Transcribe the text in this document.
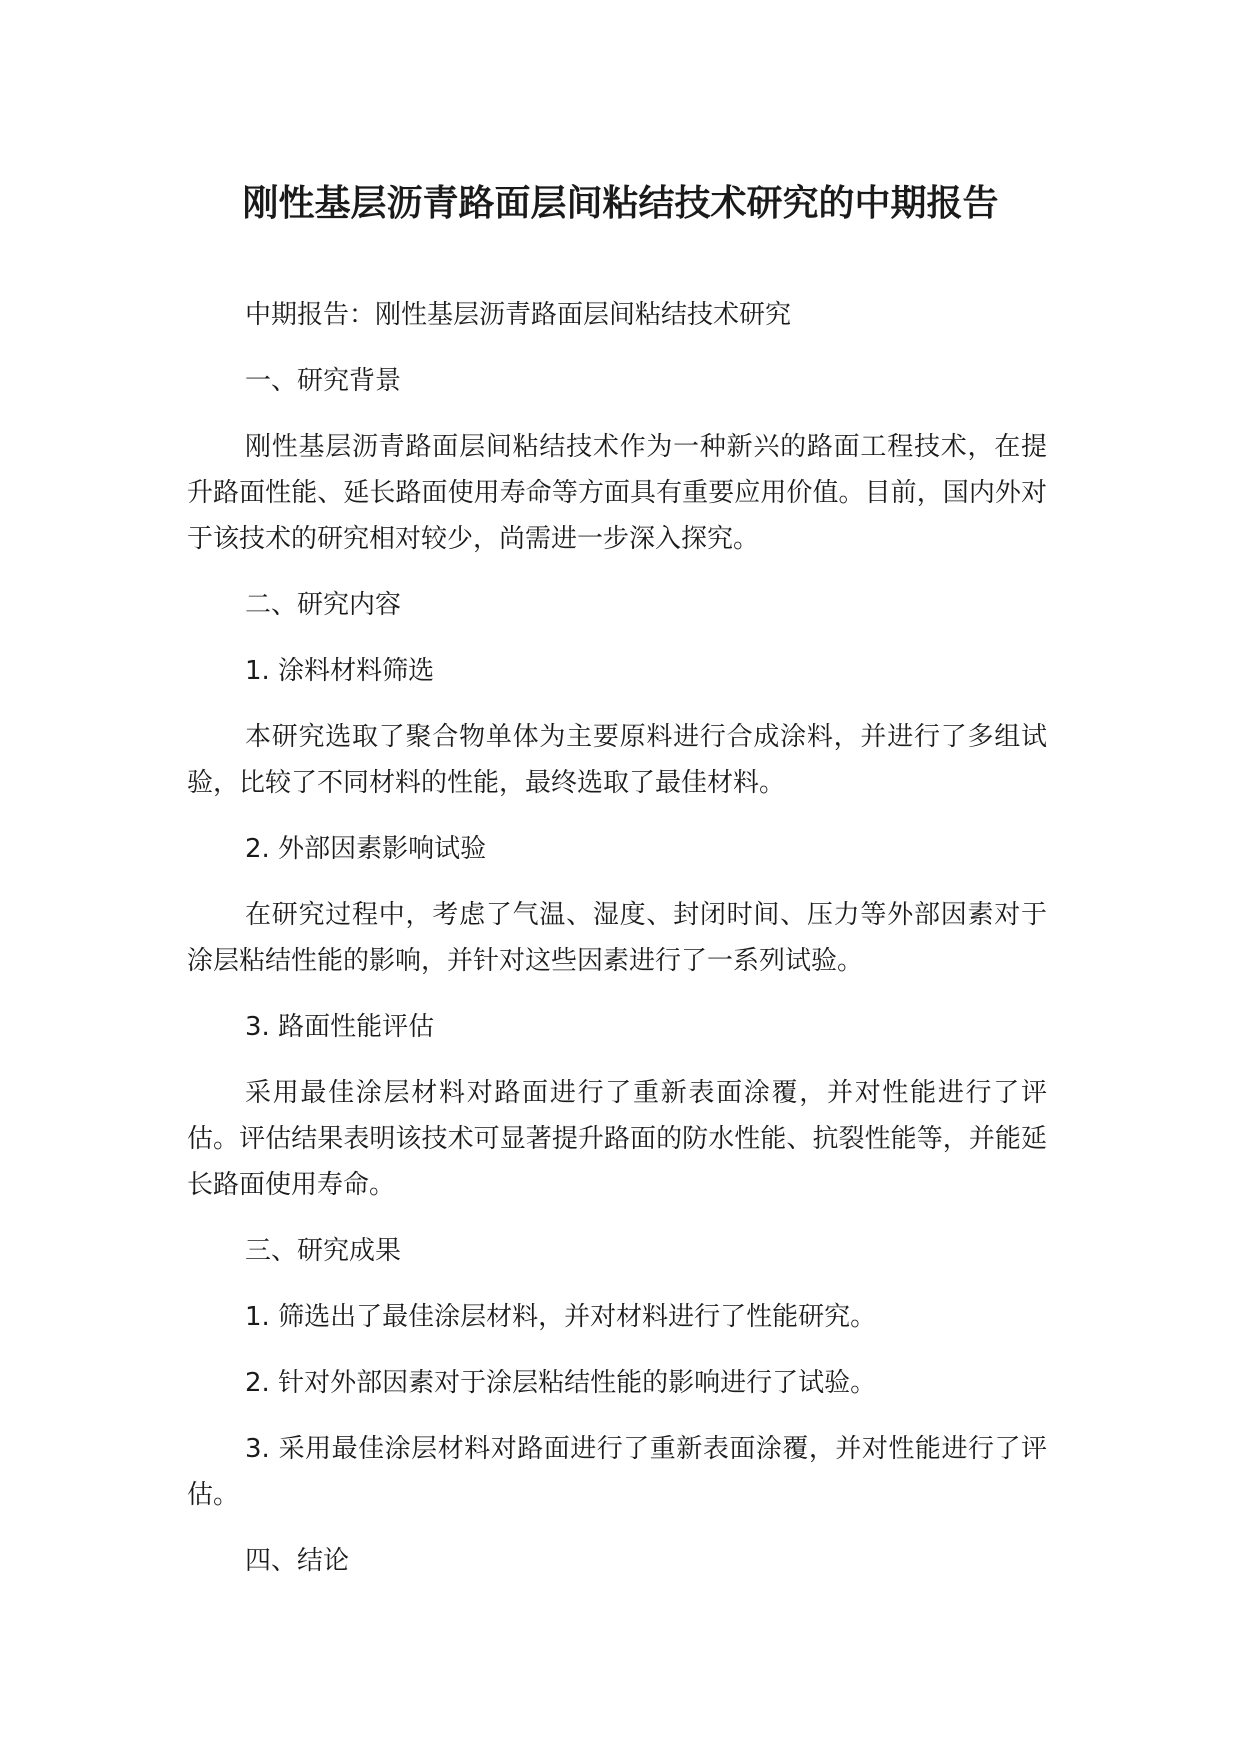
刚性基层沥青路面层间粘结技术研究的中期报告

中期报告：刚性基层沥青路面层间粘结技术研究

一、研究背景

刚性基层沥青路面层间粘结技术作为一种新兴的路面工程技术，在提升路面性能、延长路面使用寿命等方面具有重要应用价值。目前，国内外对于该技术的研究相对较少，尚需进一步深入探究。

二、研究内容

1. 涂料材料筛选

本研究选取了聚合物单体为主要原料进行合成涂料，并进行了多组试验，比较了不同材料的性能，最终选取了最佳材料。

2. 外部因素影响试验

在研究过程中，考虑了气温、湿度、封闭时间、压力等外部因素对于涂层粘结性能的影响，并针对这些因素进行了一系列试验。

3. 路面性能评估

采用最佳涂层材料对路面进行了重新表面涂覆，并对性能进行了评估。评估结果表明该技术可显著提升路面的防水性能、抗裂性能等，并能延长路面使用寿命。

三、研究成果

1. 筛选出了最佳涂层材料，并对材料进行了性能研究。

2. 针对外部因素对于涂层粘结性能的影响进行了试验。

3. 采用最佳涂层材料对路面进行了重新表面涂覆，并对性能进行了评估。

四、结论
